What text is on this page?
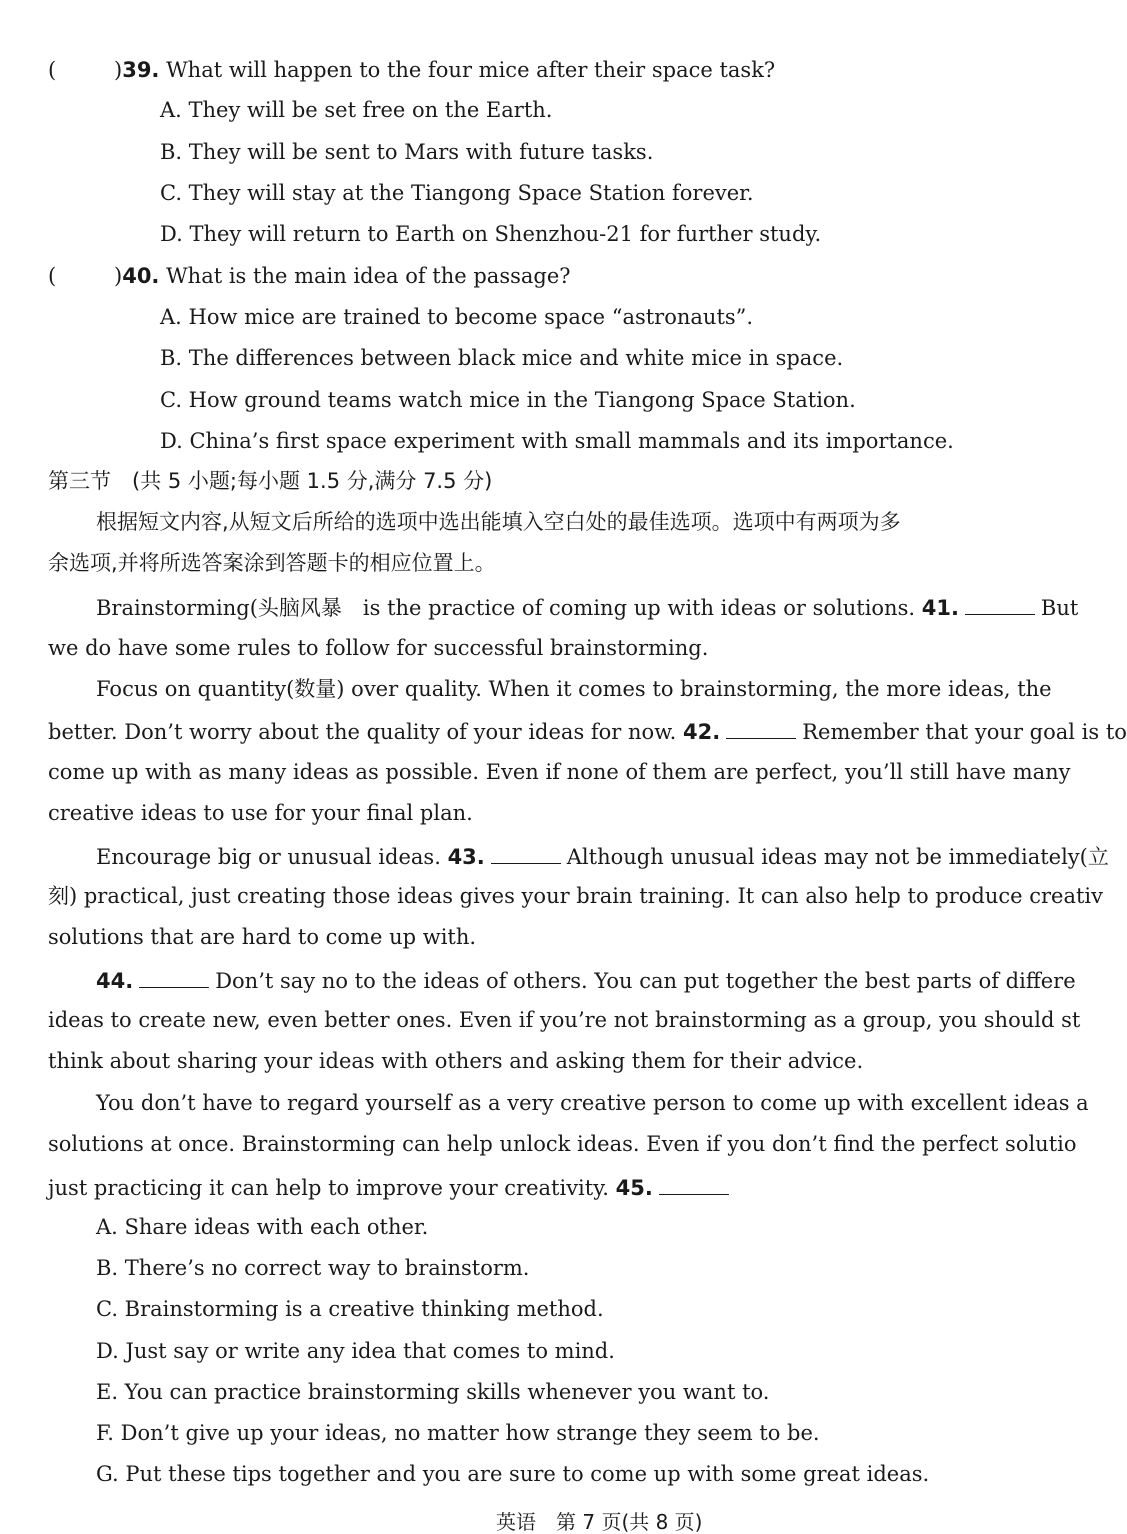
(	)39. What will happen to the four mice after their space task?
A. They will be set free on the Earth.
B. They will be sent to Mars with future tasks.
C. They will stay at the Tiangong Space Station forever.
D. They will return to Earth on Shenzhou-21 for further study.
(	)40. What is the main idea of the passage?
A. How mice are trained to become space “astronauts”.
B. The differences between black mice and white mice in space.
C. How ground teams watch mice in the Tiangong Space Station.
D. China’s first space experiment with small mammals and its importance.
第三节　(共 5 小题;每小题 1.5 分,满分 7.5 分)
根据短文内容,从短文后所给的选项中选出能填入空白处的最佳选项。选项中有两项为多
余选项,并将所选答案涂到答题卡的相应位置上。
Brainstorming(头脑风暴　is the practice of coming up with ideas or solutions. 41.	But
we do have some rules to follow for successful brainstorming.
Focus on quantity(数量) over quality. When it comes to brainstorming, the more ideas, the
better. Don’t worry about the quality of your ideas for now. 42.	Remember that your goal is to
come up with as many ideas as possible. Even if none of them are perfect, you’ll still have many
creative ideas to use for your final plan.
Encourage big or unusual ideas. 43.	Although unusual ideas may not be immediately(立
刻) practical, just creating those ideas gives your brain training. It can also help to produce creativ
solutions that are hard to come up with.
44.	Don’t say no to the ideas of others. You can put together the best parts of differe
ideas to create new, even better ones. Even if you’re not brainstorming as a group, you should st
think about sharing your ideas with others and asking them for their advice.
You don’t have to regard yourself as a very creative person to come up with excellent ideas a
solutions at once. Brainstorming can help unlock ideas. Even if you don’t find the perfect solutio
just practicing it can help to improve your creativity. 45.
A. Share ideas with each other.
B. There’s no correct way to brainstorm.
C. Brainstorming is a creative thinking method.
D. Just say or write any idea that comes to mind.
E. You can practice brainstorming skills whenever you want to.
F. Don’t give up your ideas, no matter how strange they seem to be.
G. Put these tips together and you are sure to come up with some great ideas.
英语　第 7 页(共 8 页)
